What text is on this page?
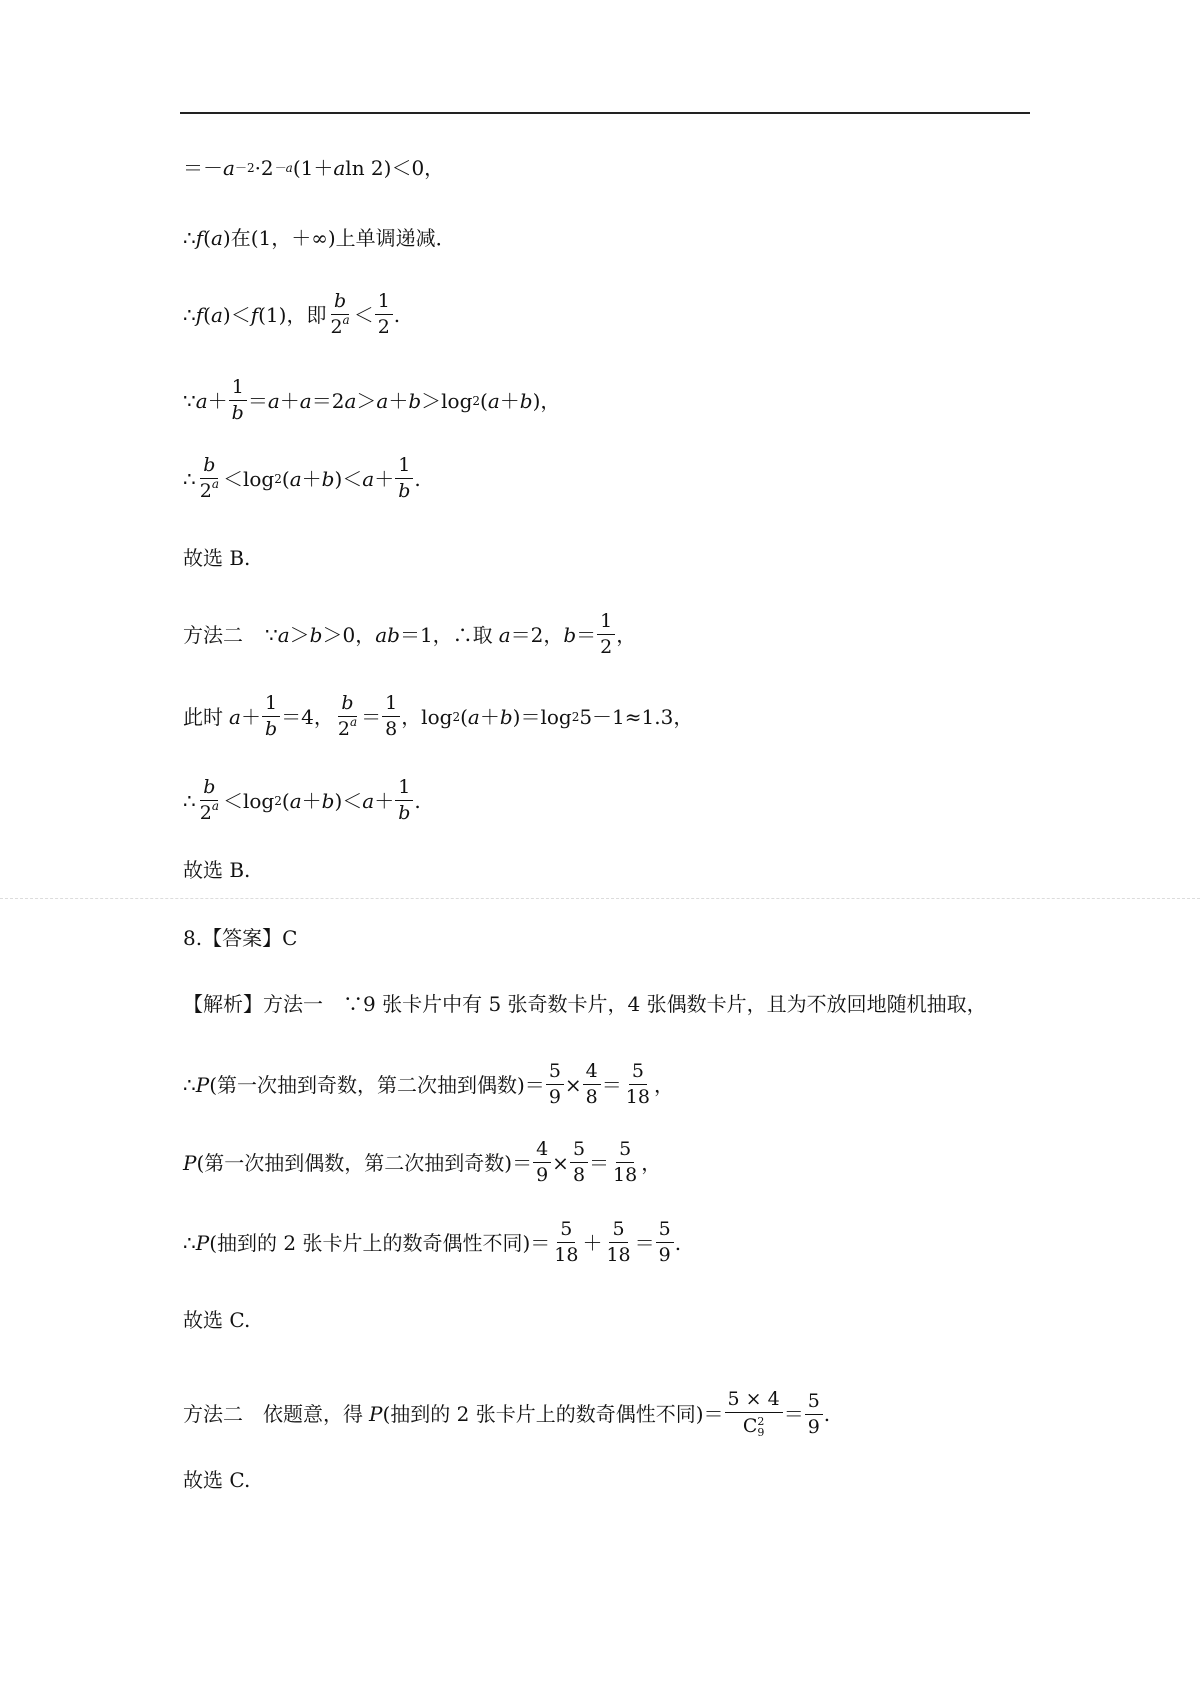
＝－ a －2 ·2 －a (1＋ a ln 2)＜0，
∴ f ( a )在(1，＋∞)上单调递减．
∴ f ( a )＜ f (1)，即 $\frac{b}{2^a} < \frac{1}{2}$ .
∵ $a + \frac{1}{b} = a + a =2$ a ＞ a ＋ b ＞log 2 ( a ＋ b )，
∴ $\frac{b}{2^a} <\log$ 2 ( a ＋ b )＜ $a + \frac{1}{b}$ .
故选 B.
方法二 ∵ a ＞ b ＞0， ab ＝1，∴取 a ＝2， $b = \frac{1}{2}$ ，
此时 $a + \frac{1}{b} =4$， $\frac{b}{2^a} = \frac{1}{8}$ ，log 2 ( a ＋ b )＝log 2 5－1≈1.3，
∴ $\frac{b}{2^a} <\log$ 2 ( a ＋ b )＜ $a + \frac{1}{b}$ .
故选 B.
8.【答案】C
【解析】方法一　∵9 张卡片中有 5 张奇数卡片，4 张偶数卡片，且为不放回地随机抽取，
∴ P (第一次抽到奇数，第二次抽到偶数)＝ $\frac{5}{9} \times \frac{4}{8} = \frac{5}{18}$ ，
P (第一次抽到偶数，第二次抽到奇数)＝ $\frac{4}{9} \times \frac{5}{8} = \frac{5}{18}$ ，
∴ P (抽到的 2 张卡片上的数奇偶性不同)＝ $\frac{5}{18} + \frac{5}{18} = \frac{5}{9}$ .
故选 C.
方法二　依题意，得 P (抽到的 2 张卡片上的数奇偶性不同)＝ 5 × 4
C 2
$9 = \frac{5}{9}$ .
故选 C.
